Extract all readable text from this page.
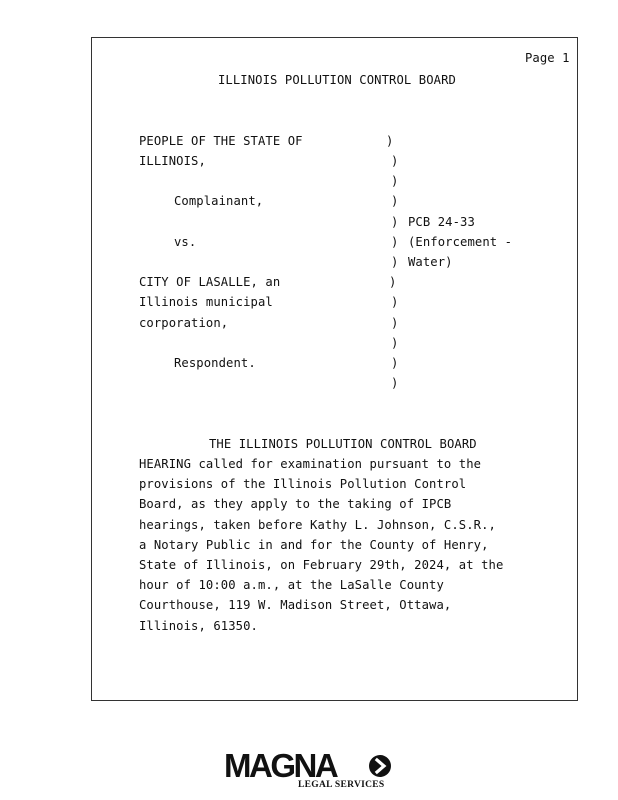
Page 1
ILLINOIS POLLUTION CONTROL BOARD
PEOPLE OF THE STATE OF
ILLINOIS,
Complainant,
vs.
CITY OF LASALLE, an
Illinois municipal
corporation,
Respondent.
)
)
)
)
)
)
)
)
)
)
)
)
)
PCB 24-33
(Enforcement -
Water)
THE ILLINOIS POLLUTION CONTROL BOARD
HEARING called for examination pursuant to the
provisions of the Illinois Pollution Control
Board, as they apply to the taking of IPCB
hearings, taken before Kathy L. Johnson, C.S.R.,
a Notary Public in and for the County of Henry,
State of Illinois, on February 29th, 2024, at the
hour of 10:00 a.m., at the LaSalle County
Courthouse, 119 W. Madison Street, Ottawa,
Illinois, 61350.
MAGNA
LEGAL SERVICES
